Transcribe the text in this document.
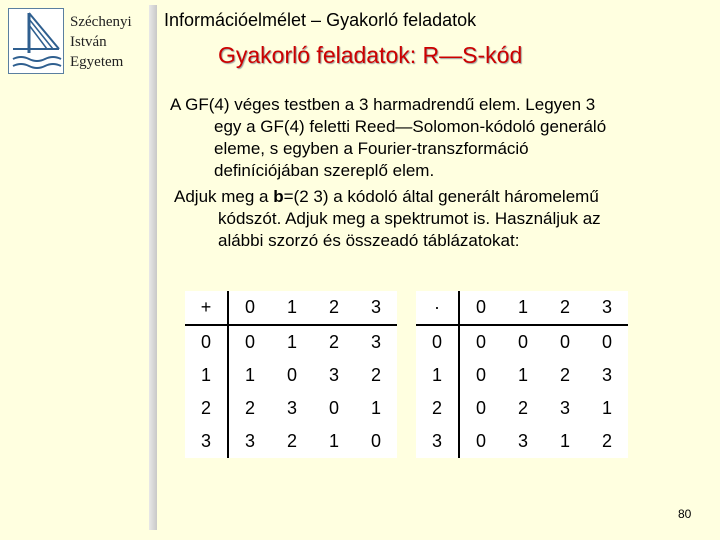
Széchenyi
István
Egyetem
Információelmélet – Gyakorló feladatok
Gyakorló feladatok: R—S-kód
A GF(4) véges testben a 3 harmadrendű elem. Legyen 3
egy a GF(4) feletti Reed—Solomon-kódoló generáló
eleme, s egyben a Fourier-transzformáció
definíciójában szereplő elem.
Adjuk meg a b=(2 3) a kódoló által generált háromelemű
kódszót. Adjuk meg a spektrumot is. Használjuk az
alábbi szorzó és összeadó táblázatokat:
+	0	1	2	3
0	0	1	2	3
1	1	0	3	2
2	2	3	0	1
3	3	2	1	0
·	0	1	2	3
0	0	0	0	0
1	0	1	2	3
2	0	2	3	1
3	0	3	1	2
80
